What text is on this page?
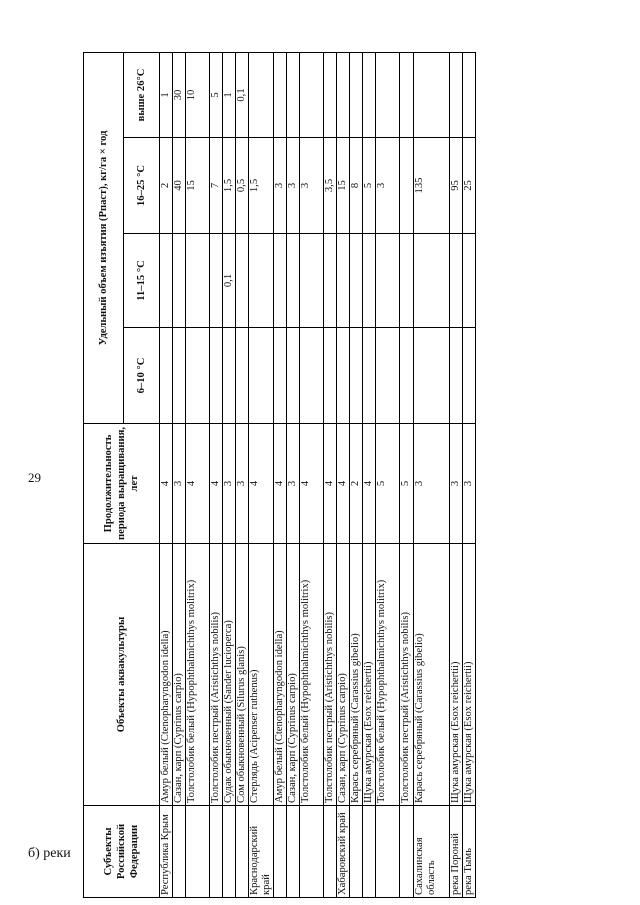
29
б) реки	Субъекты Российской Федерации	Объекты аквакультуры	Продолжительность периода выращивания, лет	Удельный объем изъятия (Pпаст), кг/га × год			
			6–10 °C	11–15 °C	16–25 °C	выше 26°C
Республика Крым	Амур белый (Ctenopharyngodon idella)	4			2	1
	Сазан, карп (Cyprinus carpio)	3			40	30
	Толстолобик белый (Hypophthalmichthys molitrix)	4			15	10
	Толстолобик пестрый (Aristichthys nobilis)	4			7	5
	Судак обыкновенный (Sander lucioperca)	3		0,1	1,5	1
	Сом обыкновенный (Silurus glanis)	3			0,5	0,1
Краснодарский край	Стерлядь (Acipenser ruthenus)	4			1,5	
	Амур белый (Ctenopharyngodon idella)	4			3	
	Сазан, карп (Cyprinus carpio)	3			3	
	Толстолобик белый (Hypophthalmichthys molitrix)	4			3	
	Толстолобик пестрый (Aristichthys nobilis)	4			3,5	
Хабаровский край	Сазан, карп (Cyprinus carpio)	4			15	
	Карась серебряный (Carassius gibelio)	2			8	
	Щука амурская (Esox reichertii)	4			5	
	Толстолобик белый (Hypophthalmichthys molitrix)	5			3	
	Толстолобик пестрый (Aristichthys nobilis)	5				
Сахалинская область	Карась серебряный (Carassius gibelio)	3			135	
река Поронай	Щука амурская (Esox reichertii)	3			95	
река Тымь	Щука амурская (Esox reichertii)	3			25	
